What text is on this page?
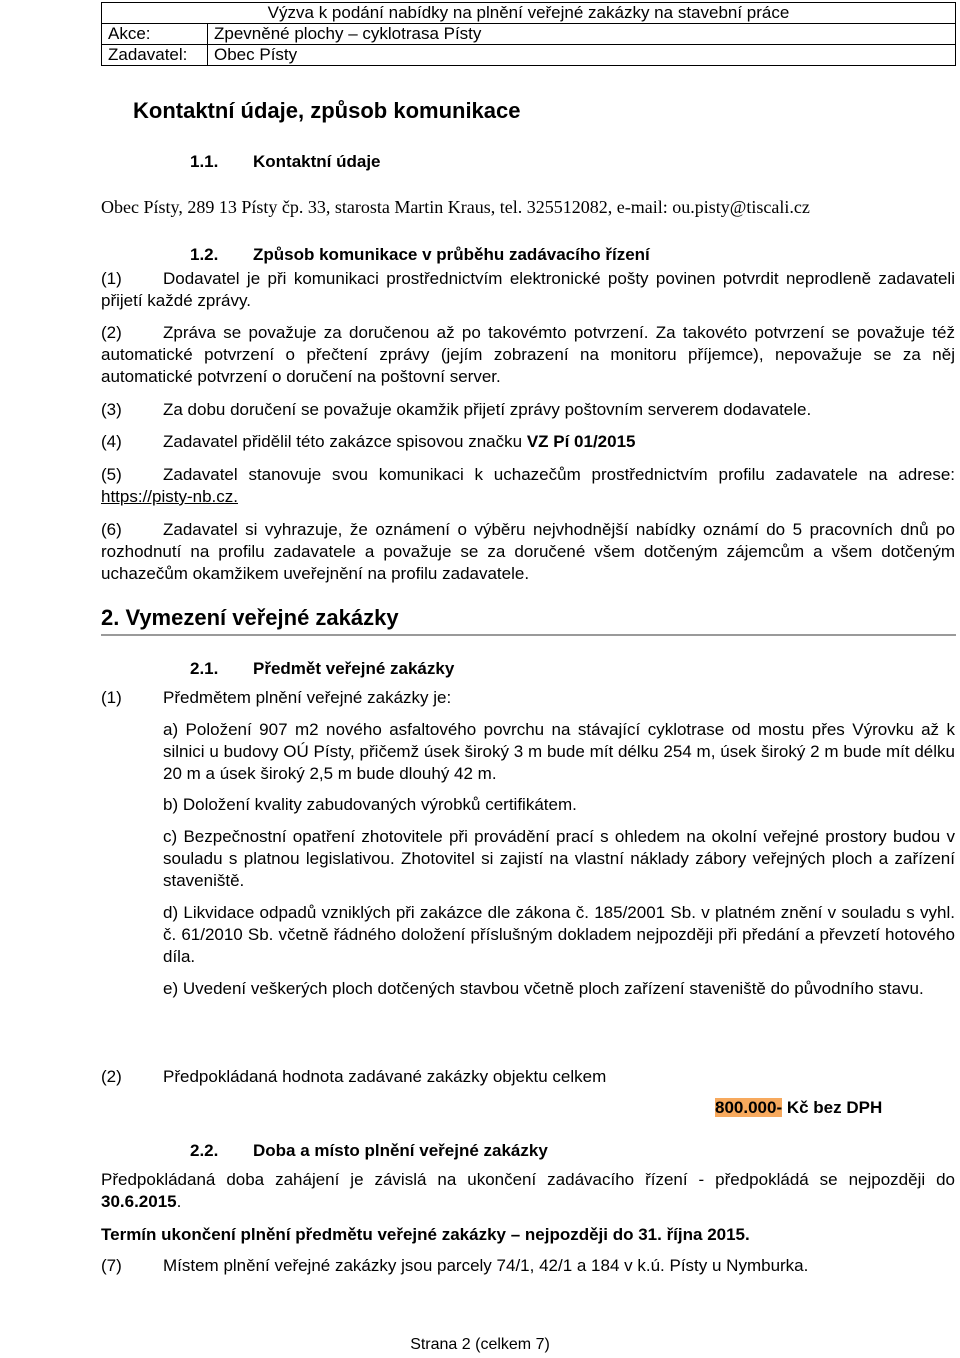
Výzva k podání nabídky na plnění veřejné zakázky na stavební práce	
Akce:	Zpevněné plochy – cyklotrasa Písty
Zadavatel:	Obec Písty
Kontaktní údaje, způsob komunikace
1.1. Kontaktní údaje
Obec Písty, 289 13 Písty čp. 33, starosta Martin Kraus, tel. 325512082, e-mail: ou.pisty@tiscali.cz
1.2. Způsob komunikace v průběhu zadávacího řízení
(1) Dodavatel je při komunikaci prostřednictvím elektronické pošty povinen potvrdit neprodleně zadavateli přijetí každé zprávy.
(2) Zpráva se považuje za doručenou až po takovémto potvrzení. Za takovéto potvrzení se považuje též automatické potvrzení o přečtení zprávy (jejím zobrazení na monitoru příjemce), nepovažuje se za něj automatické potvrzení o doručení na poštovní server.
(3) Za dobu doručení se považuje okamžik přijetí zprávy poštovním serverem dodavatele.
(4) Zadavatel přidělil této zakázce spisovou značku VZ Pí 01/2015
(5) Zadavatel stanovuje svou komunikaci k uchazečům prostřednictvím profilu zadavatele na adrese: https://pisty-nb.cz.
(6) Zadavatel si vyhrazuje, že oznámení o výběru nejvhodnější nabídky oznámí do 5 pracovních dnů po rozhodnutí na profilu zadavatele a považuje se za doručené všem dotčeným zájemcům a všem dotčeným uchazečům okamžikem uveřejnění na profilu zadavatele.
2. Vymezení veřejné zakázky
2.1. Předmět veřejné zakázky
(1) Předmětem plnění veřejné zakázky je:
a) Položení 907 m2 nového asfaltového povrchu na stávající cyklotrase od mostu přes Výrovku až k silnici u budovy OÚ Písty, přičemž úsek široký 3 m bude mít délku 254 m, úsek široký 2 m bude mít délku 20 m a úsek široký 2,5 m bude dlouhý 42 m.
b) Doložení kvality zabudovaných výrobků certifikátem.
c) Bezpečnostní opatření zhotovitele při provádění prací s ohledem na okolní veřejné prostory budou v souladu s platnou legislativou. Zhotovitel si zajistí na vlastní náklady zábory veřejných ploch a zařízení staveniště.
d) Likvidace odpadů vzniklých při zakázce dle zákona č. 185/2001 Sb. v platném znění v souladu s vyhl. č. 61/2010 Sb. včetně řádného doložení příslušným dokladem nejpozději při předání a převzetí hotového díla.
e) Uvedení veškerých ploch dotčených stavbou včetně ploch zařízení staveniště do původního stavu.
(2) Předpokládaná hodnota zadávané zakázky objektu celkem
800.000- Kč bez DPH
2.2. Doba a místo plnění veřejné zakázky
Předpokládaná doba zahájení je závislá na ukončení zadávacího řízení - předpokládá se nejpozději do 30.6.2015.
Termín ukončení plnění předmětu veřejné zakázky – nejpozději do 31. října 2015.
(7) Místem plnění veřejné zakázky jsou parcely 74/1, 42/1 a 184 v k.ú. Písty u Nymburka.
Strana 2 (celkem 7)
